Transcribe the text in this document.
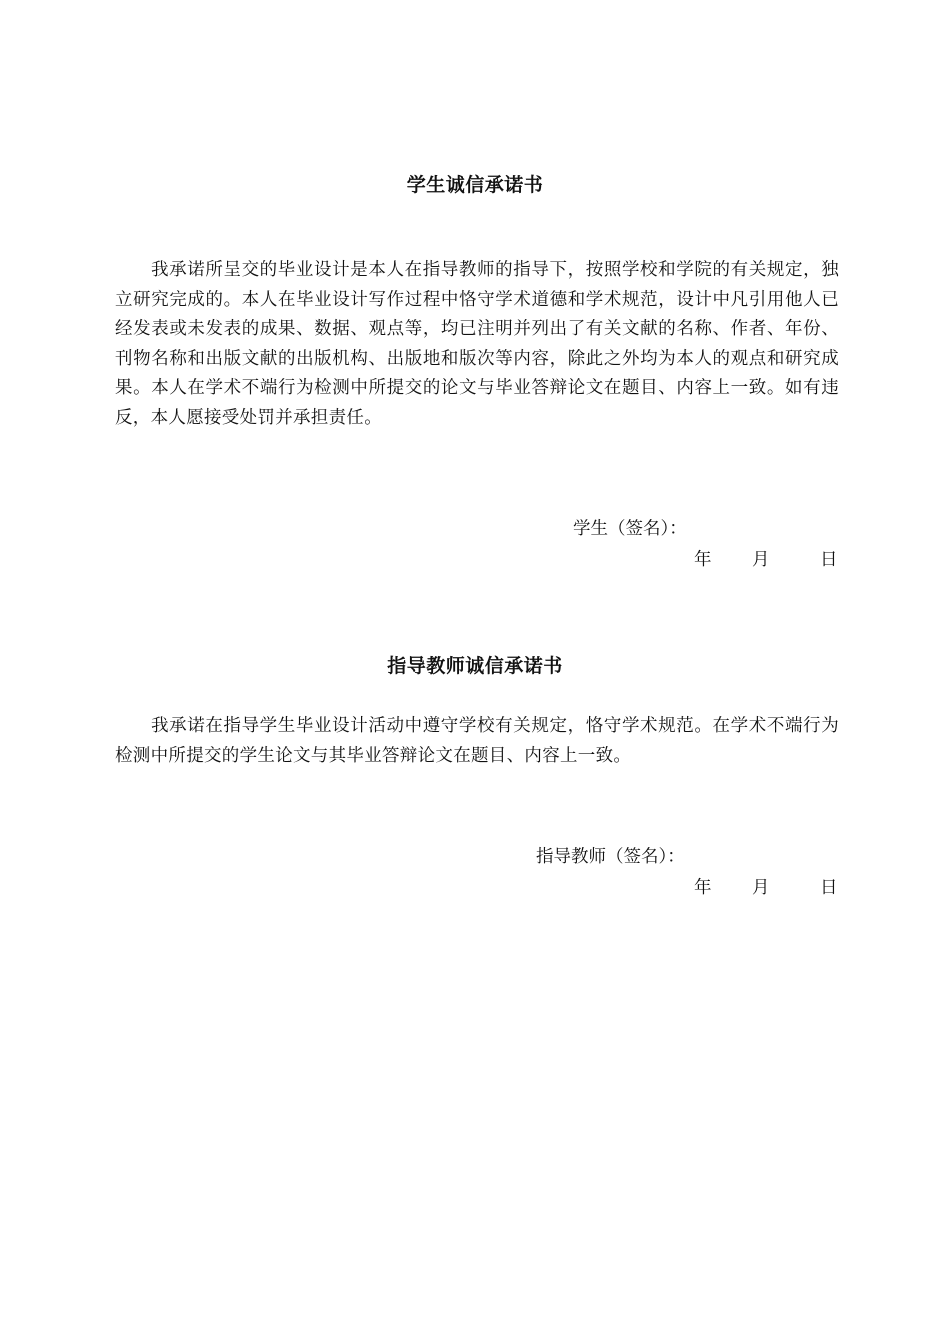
学生诚信承诺书
我承诺所呈交的毕业设计是本人在指导教师的指导下，按照学校和学院的有关规定，独立研究完成的。本人在毕业设计写作过程中恪守学术道德和学术规范，设计中凡引用他人已经发表或未发表的成果、数据、观点等，均已注明并列出了有关文献的名称、作者、年份、刊物名称和出版文献的出版机构、出版地和版次等内容，除此之外均为本人的观点和研究成果。本人在学术不端行为检测中所提交的论文与毕业答辩论文在题目、内容上一致。如有违反，本人愿接受处罚并承担责任。
学生（签名）：
年 月	日
指导教师诚信承诺书
我承诺在指导学生毕业设计活动中遵守学校有关规定，恪守学术规范。在学术不端行为检测中所提交的学生论文与其毕业答辩论文在题目、内容上一致。
指导教师（签名）：
年 月	日
